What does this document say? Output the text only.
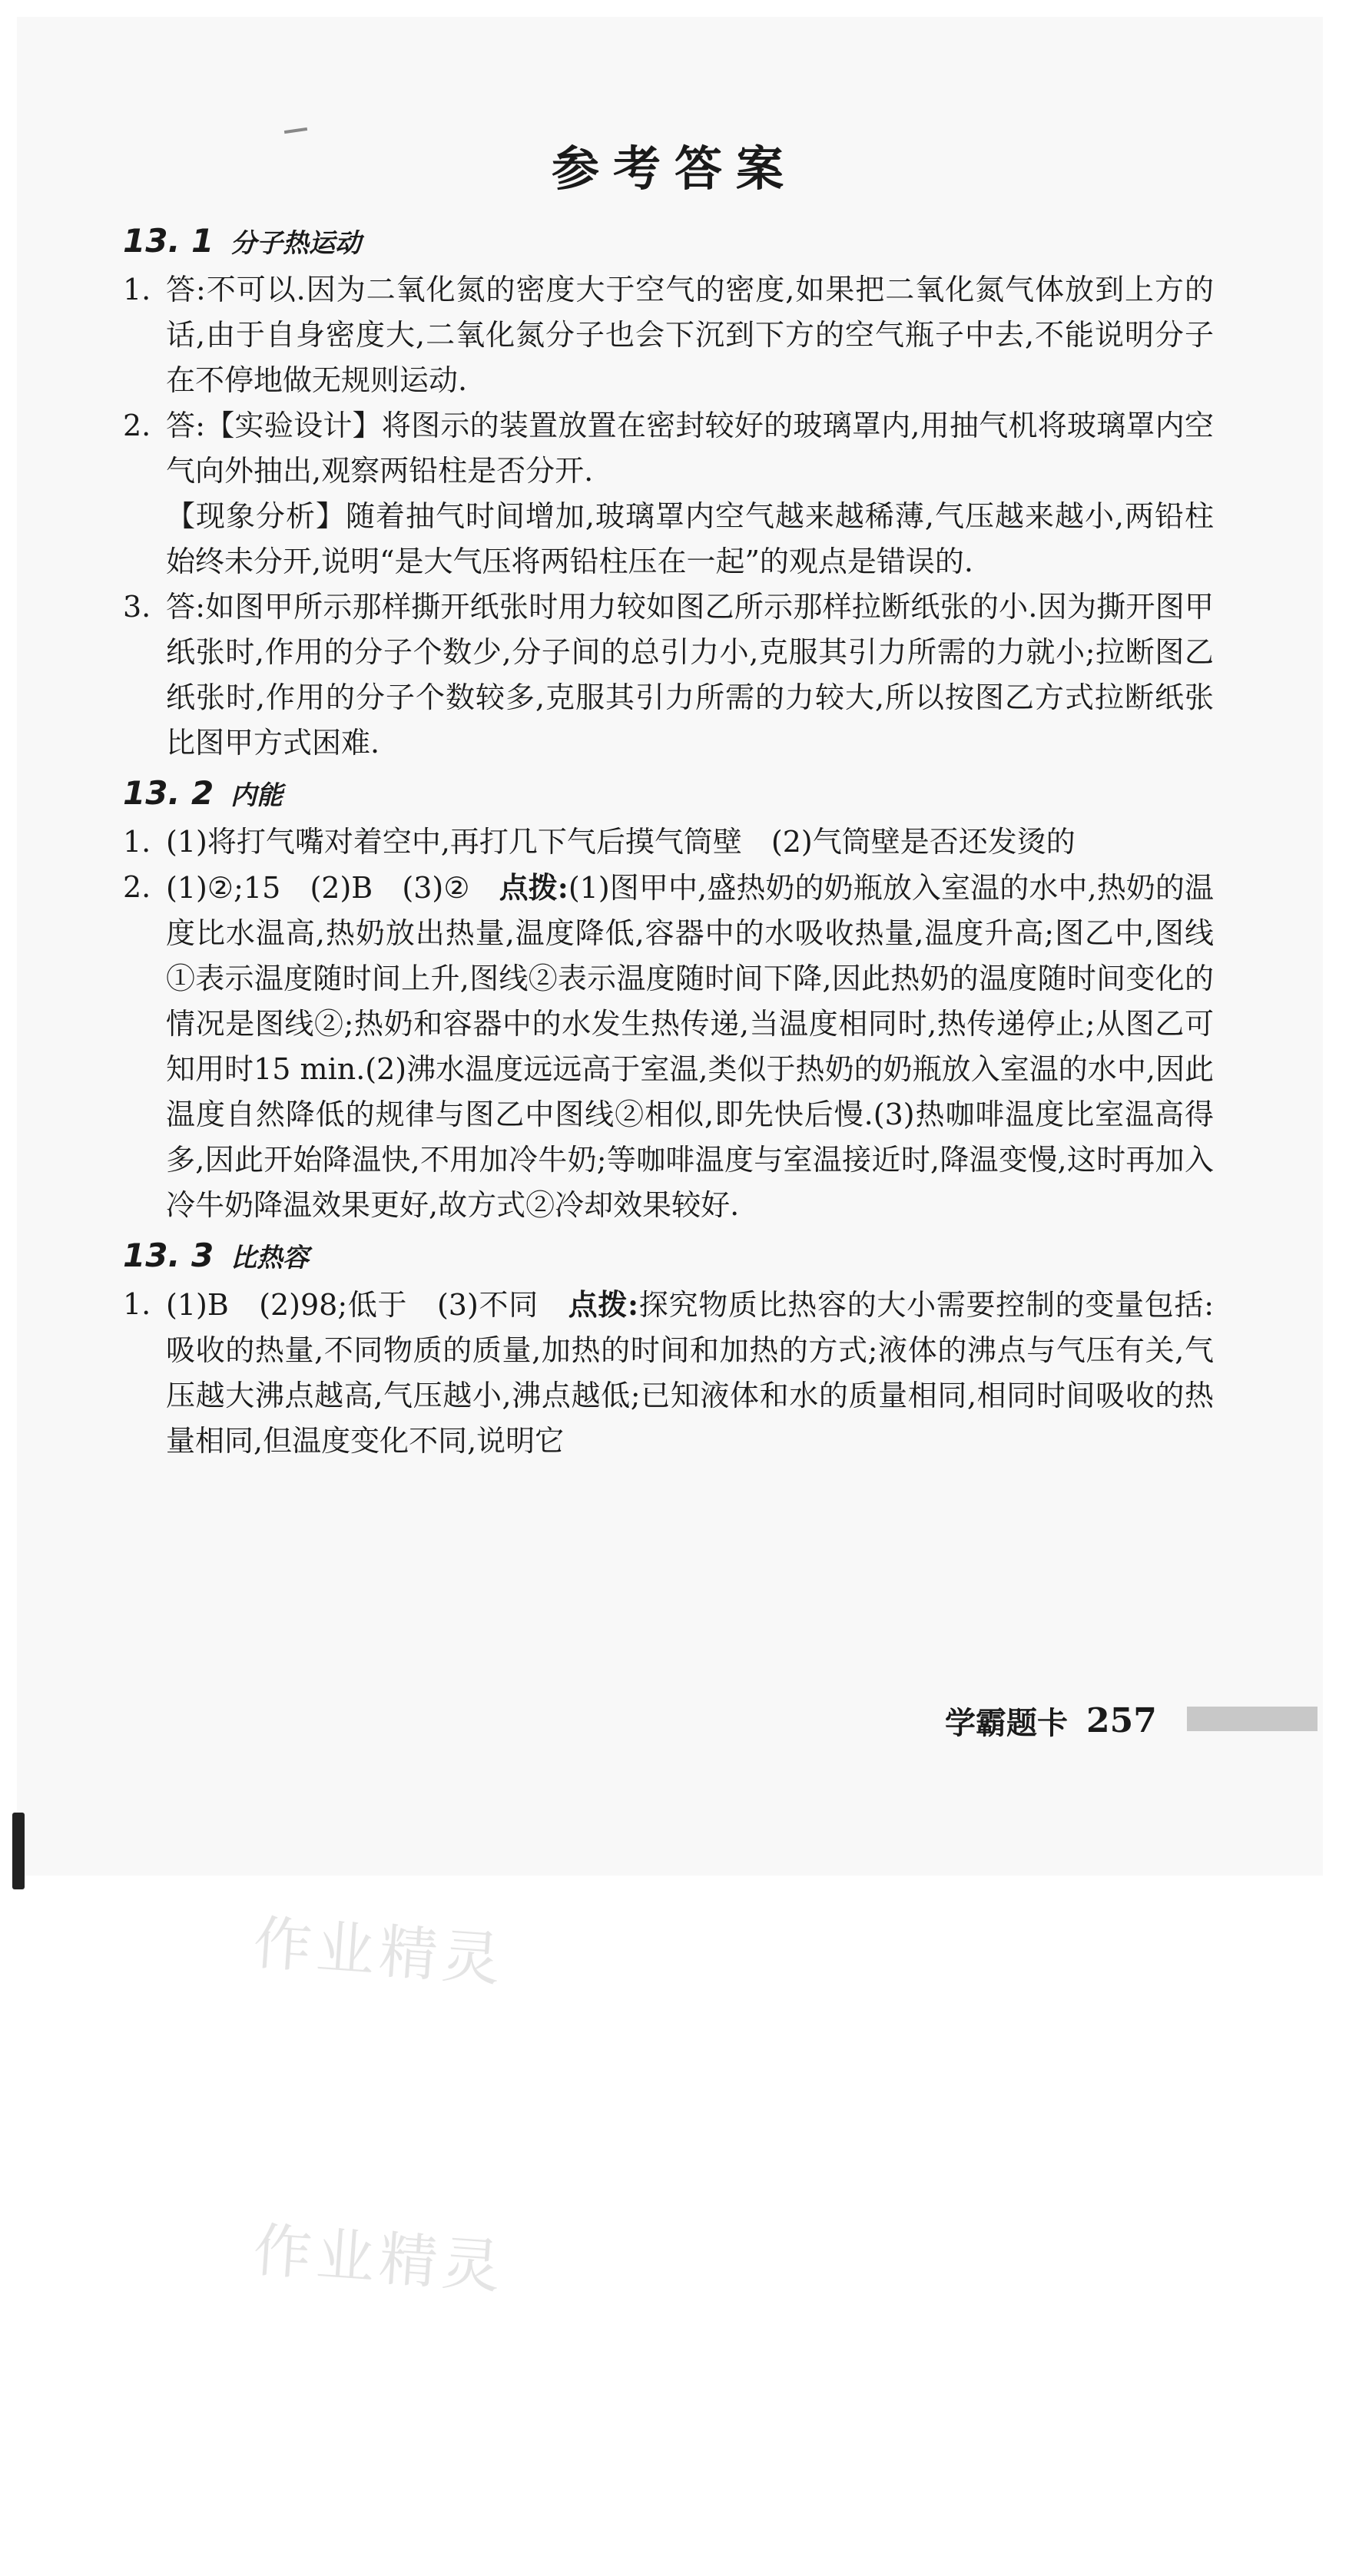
参考答案
13. 1 分子热运动
1. 答:不可以.因为二氧化氮的密度大于空气的密度,如果把二氧化氮气体放到上方的话,由于自身密度大,二氧化氮分子也会下沉到下方的空气瓶子中去,不能说明分子在不停地做无规则运动.
2. 答:【实验设计】将图示的装置放置在密封较好的玻璃罩内,用抽气机将玻璃罩内空气向外抽出,观察两铅柱是否分开.
【现象分析】随着抽气时间增加,玻璃罩内空气越来越稀薄,气压越来越小,两铅柱始终未分开,说明“是大气压将两铅柱压在一起”的观点是错误的.
3. 答:如图甲所示那样撕开纸张时用力较如图乙所示那样拉断纸张的小.因为撕开图甲纸张时,作用的分子个数少,分子间的总引力小,克服其引力所需的力就小;拉断图乙纸张时,作用的分子个数较多,克服其引力所需的力较大,所以按图乙方式拉断纸张比图甲方式困难.
13. 2 内能
1. (1)将打气嘴对着空中,再打几下气后摸气筒壁　(2)气筒壁是否还发烫的
2. (1)②;15　(2)B　(3)②　点拨:(1)图甲中,盛热奶的奶瓶放入室温的水中,热奶的温度比水温高,热奶放出热量,温度降低,容器中的水吸收热量,温度升高;图乙中,图线①表示温度随时间上升,图线②表示温度随时间下降,因此热奶的温度随时间变化的情况是图线②;热奶和容器中的水发生热传递,当温度相同时,热传递停止;从图乙可知用时15 min.(2)沸水温度远远高于室温,类似于热奶的奶瓶放入室温的水中,因此温度自然降低的规律与图乙中图线②相似,即先快后慢.(3)热咖啡温度比室温高得多,因此开始降温快,不用加冷牛奶;等咖啡温度与室温接近时,降温变慢,这时再加入冷牛奶降温效果更好,故方式②冷却效果较好.
13. 3 比热容
1. (1)B　(2)98;低于　(3)不同　点拨:探究物质比热容的大小需要控制的变量包括:吸收的热量,不同物质的质量,加热的时间和加热的方式;液体的沸点与气压有关,气压越大沸点越高,气压越小,沸点越低;已知液体和水的质量相同,相同时间吸收的热量相同,但温度变化不同,说明它
学霸题卡 257
作业精灵
作业精灵
